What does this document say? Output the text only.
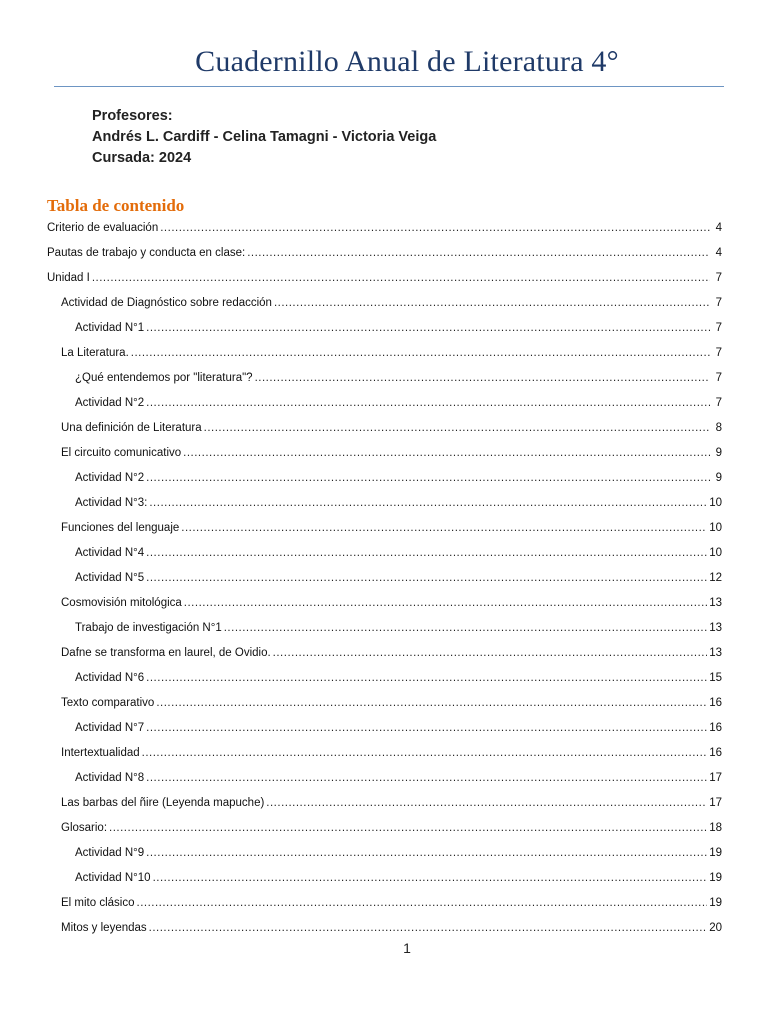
Cuadernillo Anual de Literatura 4°
Profesores:
Andrés L. Cardiff - Celina Tamagni - Victoria Veiga
Cursada: 2024
Tabla de contenido
Criterio de evaluación .....	4
Pautas de trabajo y conducta en clase: .....	4
Unidad I .....	7
Actividad de Diagnóstico sobre redacción .....	7
Actividad N°1 .....	7
La Literatura. .....	7
¿Qué entendemos por "literatura"? .....	7
Actividad N°2 .....	7
Una definición de Literatura .....	8
El circuito comunicativo .....	9
Actividad N°2 .....	9
Actividad N°3: .....	10
Funciones del lenguaje .....	10
Actividad N°4 .....	10
Actividad N°5 .....	12
Cosmovisión mitológica .....	13
Trabajo de investigación N°1 .....	13
Dafne se transforma en laurel, de Ovidio. .....	13
Actividad N°6 .....	15
Texto comparativo .....	16
Actividad N°7 .....	16
Intertextualidad .....	16
Actividad N°8 .....	17
Las barbas del ñire (Leyenda mapuche) .....	17
Glosario: .....	18
Actividad N°9 .....	19
Actividad N°10 .....	19
El mito clásico .....	19
Mitos y leyendas .....	20
1
